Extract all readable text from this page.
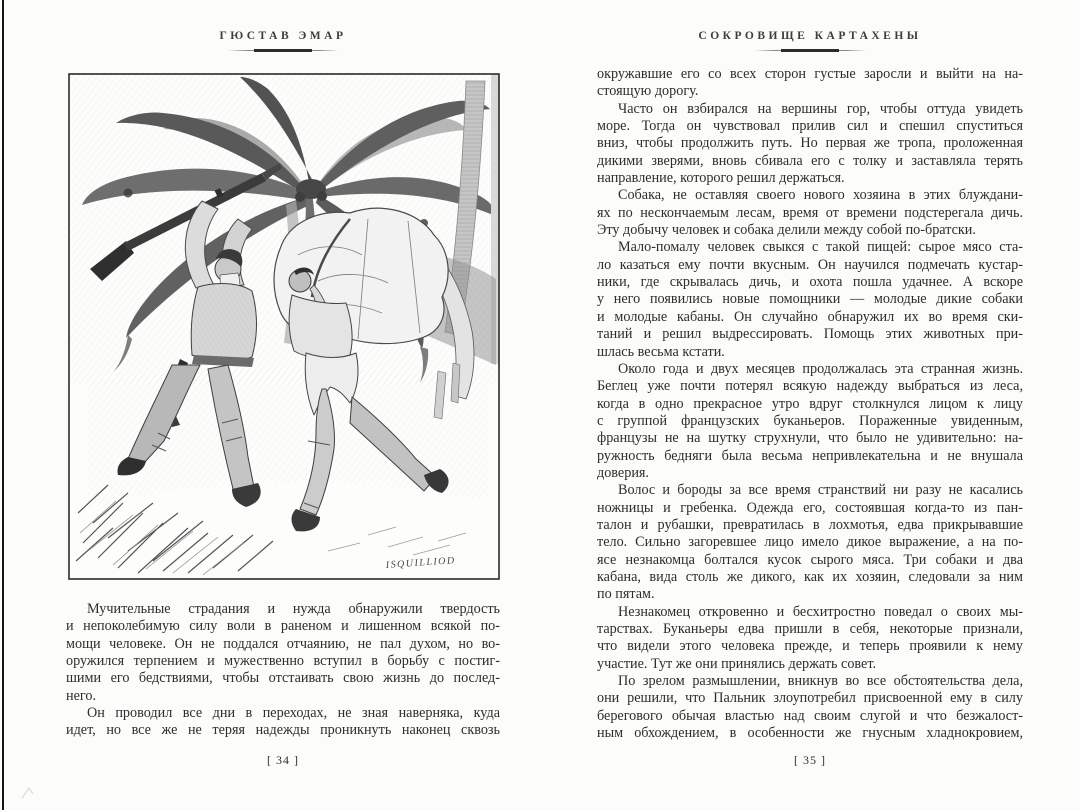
ГЮСТАВ ЭМАР
ISQUILLIOD
Мучительные страдания и нужда обнаружили твердость
и непоколебимую силу воли в раненом и лишенном всякой по-
мощи человеке. Он не поддался отчаянию, не пал духом, но во-
оружился терпением и мужественно вступил в борьбу с постиг-
шими его бедствиями, чтобы отстаивать свою жизнь до послед-
него.
Он проводил все дни в переходах, не зная наверняка, куда
идет, но все же не теряя надежды проникнуть наконец сквозь
[ 34 ]
СОКРОВИЩЕ КАРТАХЕНЫ
окружавшие его со всех сторон густые заросли и выйти на на-
стоящую дорогу.
Часто он взбирался на вершины гор, чтобы оттуда увидеть
море. Тогда он чувствовал прилив сил и спешил спуститься
вниз, чтобы продолжить путь. Но первая же тропа, проложенная
дикими зверями, вновь сбивала его с толку и заставляла терять
направление, которого решил держаться.
Собака, не оставляя своего нового хозяина в этих блуждани-
ях по нескончаемым лесам, время от времени подстерегала дичь.
Эту добычу человек и собака делили между собой по-братски.
Мало-помалу человек свыкся с такой пищей: сырое мясо ста-
ло казаться ему почти вкусным. Он научился подмечать кустар-
ники, где скрывалась дичь, и охота пошла удачнее. А вскоре
у него появились новые помощники — молодые дикие собаки
и молодые кабаны. Он случайно обнаружил их во время ски-
таний и решил выдрессировать. Помощь этих животных при-
шлась весьма кстати.
Около года и двух месяцев продолжалась эта странная жизнь.
Беглец уже почти потерял всякую надежду выбраться из леса,
когда в одно прекрасное утро вдруг столкнулся лицом к лицу
с группой французских буканьеров. Пораженные увиденным,
французы не на шутку струхнули, что было не удивительно: на-
ружность бедняги была весьма непривлекательна и не внушала
доверия.
Волос и бороды за все время странствий ни разу не касались
ножницы и гребенка. Одежда его, состоявшая когда-то из пан-
талон и рубашки, превратилась в лохмотья, едва прикрывавшие
тело. Сильно загоревшее лицо имело дикое выражение, а на по-
ясе незнакомца болтался кусок сырого мяса. Три собаки и два
кабана, вида столь же дикого, как их хозяин, следовали за ним
по пятам.
Незнакомец откровенно и бесхитростно поведал о своих мы-
тарствах. Буканьеры едва пришли в себя, некоторые признали,
что видели этого человека прежде, и теперь проявили к нему
участие. Тут же они принялись держать совет.
По зрелом размышлении, вникнув во все обстоятельства дела,
они решили, что Пальник злоупотребил присвоенной ему в силу
берегового обычая властью над своим слугой и что безжалост-
ным обхождением, в особенности же гнусным хладнокровием,
[ 35 ]
